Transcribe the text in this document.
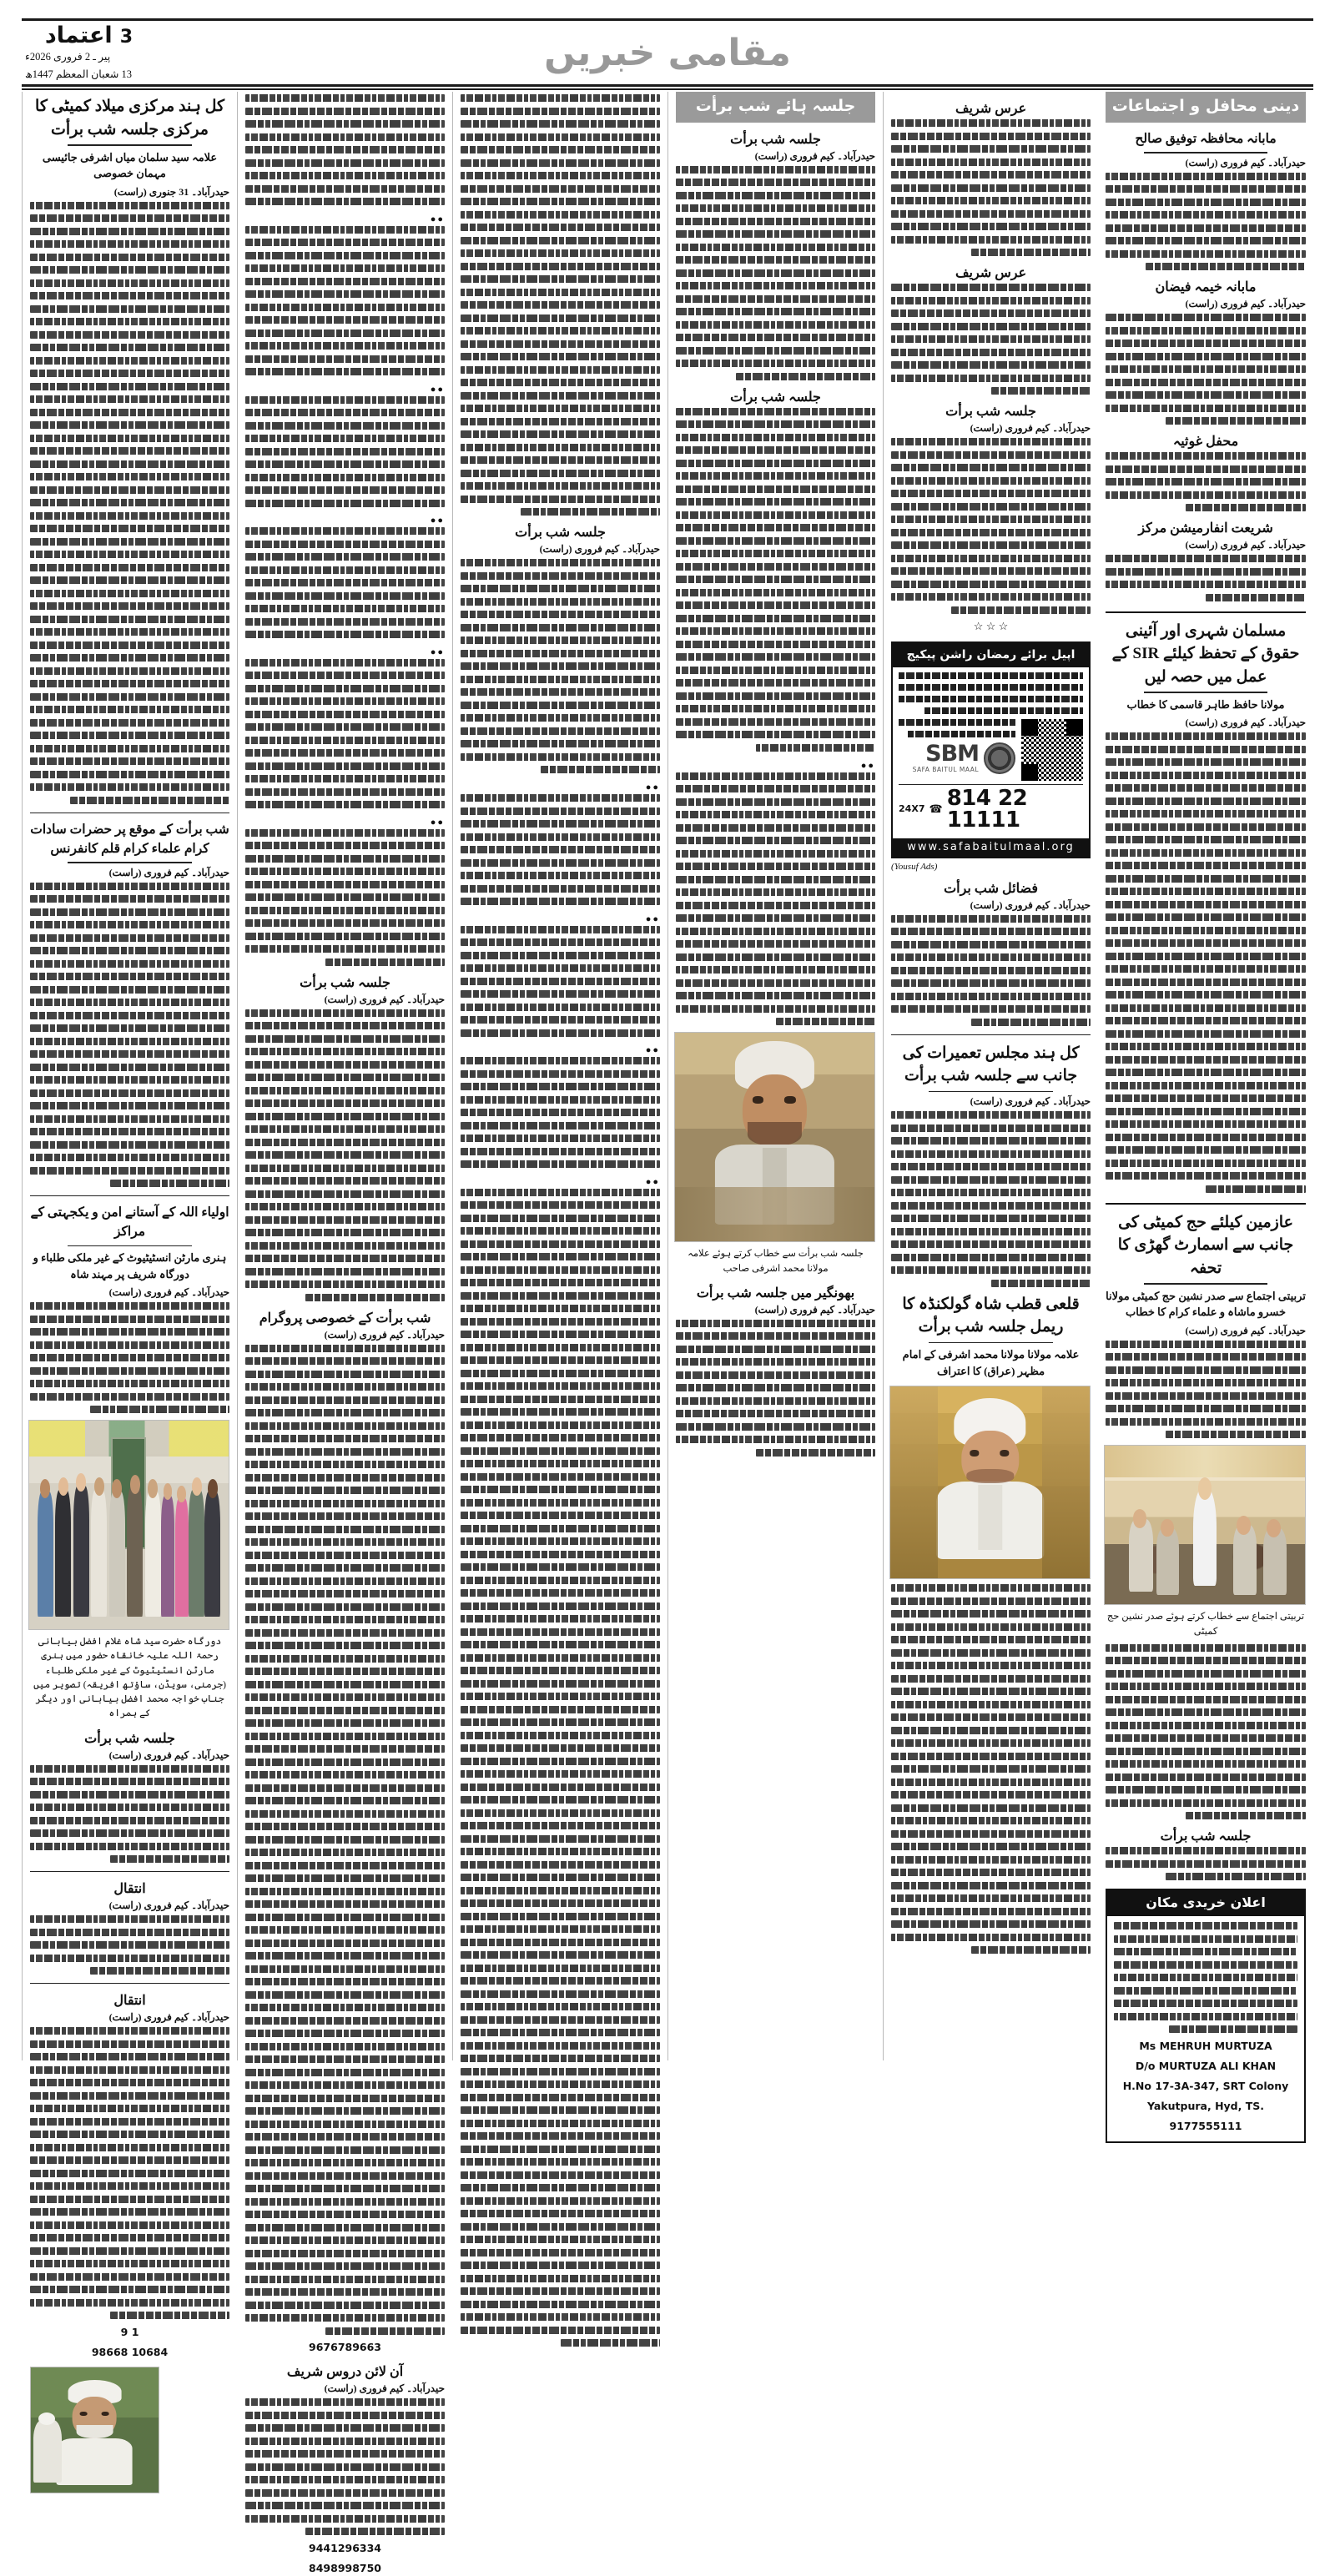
3
اعتماد
پیر ـ 2 فروری 2026ء
13 شعبان المعظم 1447ھ
مقامی خبریں
دینی محافل و اجتماعات
مابانہ محافظہ توفیق صالح
حیدرآباد۔ کیم فروری (راست)
مابانہ خیمہ فیضان
حیدرآباد۔ کیم فروری (راست)
محفل غوثیہ
شریعت انفارمیشن مرکز
حیدرآباد۔ کیم فروری (راست)
مسلمان شہری اور آئینی حقوق کے تحفظ کیلئے SIR کے عمل میں حصہ لیں
مولانا حافظ طاہر قاسمی کا خطاب
حیدرآباد۔ کیم فروری (راست)
عازمین کیلئے حج کمیٹی کی جانب سے اسمارٹ گھڑی کا تحفہ
تربیتی اجتماع سے صدر نشین حج کمیٹی مولانا خسرو ماشاہ و علماء کرام کا خطاب
حیدرآباد۔ کیم فروری (راست)
تربیتی اجتماع سے خطاب کرتے ہوئے صدر نشین حج کمیٹی
جلسہ شب برأت
اعلان خریدی مکان
Ms MEHRUH MURTUZA
D/o MURTUZA ALI KHAN
H.No 17-3A-347, SRT Colony
Yakutpura, Hyd, TS.
9177555111
عرس شریف
عرس شریف
جلسہ شب برأت
حیدرآباد۔ کیم فروری (راست)
☆ ☆ ☆
اپیل برائے رمضان راشن پیکیج
SBM
SAFA BAITUL MAAL
24X7 ☎ 814 22 11111
www.safabaitulmaal.org
(Yousuf Ads)
فضائل شب برأت
حیدرآباد۔ کیم فروری (راست)
کل ہند مجلس تعمیرات کی جانب سے جلسہ شب برأت
حیدرآباد۔ کیم فروری (راست)
قلعی قطب شاہ گولکنڈہ کا ریمل جلسہ شب برأت
علامہ مولانا مولانا محمد اشرفی کے امام مظہر (عراق) کا اعتراف
جلسہ ہائے شب برأت
جلسہ شب برأت
حیدرآباد۔ کیم فروری (راست)
جلسہ شب برأت
●●
جلسہ شب برأت سے خطاب کرتے ہوئے علامہ مولانا محمد اشرفی صاحب
بھونگیر میں جلسہ شب برأت
حیدرآباد۔ کیم فروری (راست)
جلسہ شب برأت
حیدرآباد۔ کیم فروری (راست)
●●
●●
●●
●●
●●
●●
●●
●●
●●
جلسہ شب برأت
حیدرآباد۔ کیم فروری (راست)
شب برأت کے خصوصی پروگرام
حیدرآباد۔ کیم فروری (راست)
9676789663
آن لائن دروس شریف
حیدرآباد۔ کیم فروری (راست)
9441296334
8498998750
کل ہند مرکزی میلاد کمیٹی کا مرکزی جلسہ شب برأت
علامہ سید سلمان میاں اشرفی جائیسی مہمان خصوصی
حیدرآباد۔ 31 جنوری (راست)
شب برأت کے موقع پر حضرات سادات کرام علماء کرام قلم کانفرنس
حیدرآباد۔ کیم فروری (راست)
اولیاء اللہ کے آستانے امن و یکجہتی کے مراکز
ہنری مارٹن انسٹیٹیوٹ کے غیر ملکی طلباء و دورگاہ شریف پر مہند شاہ
حیدرآباد۔ کیم فروری (راست)
دورگاہ حضرت سید شاہ غلام افضل بیابانی رحمۃ اللہ علیہ خانقاہ حضور میں ہنری مارٹن انسٹیٹیوٹ کے غیر ملکی طلباء (جرمنی، سویڈن، ساؤتھ افریقہ) تصویر میں جناب خواجہ محمد افضل بیابانی اور دیگر کے ہمراہ
جلسہ شب برأت
حیدرآباد۔ کیم فروری (راست)
انتقال
حیدرآباد۔ کیم فروری (راست)
انتقال
حیدرآباد۔ کیم فروری (راست)
9 1
98668 10684
